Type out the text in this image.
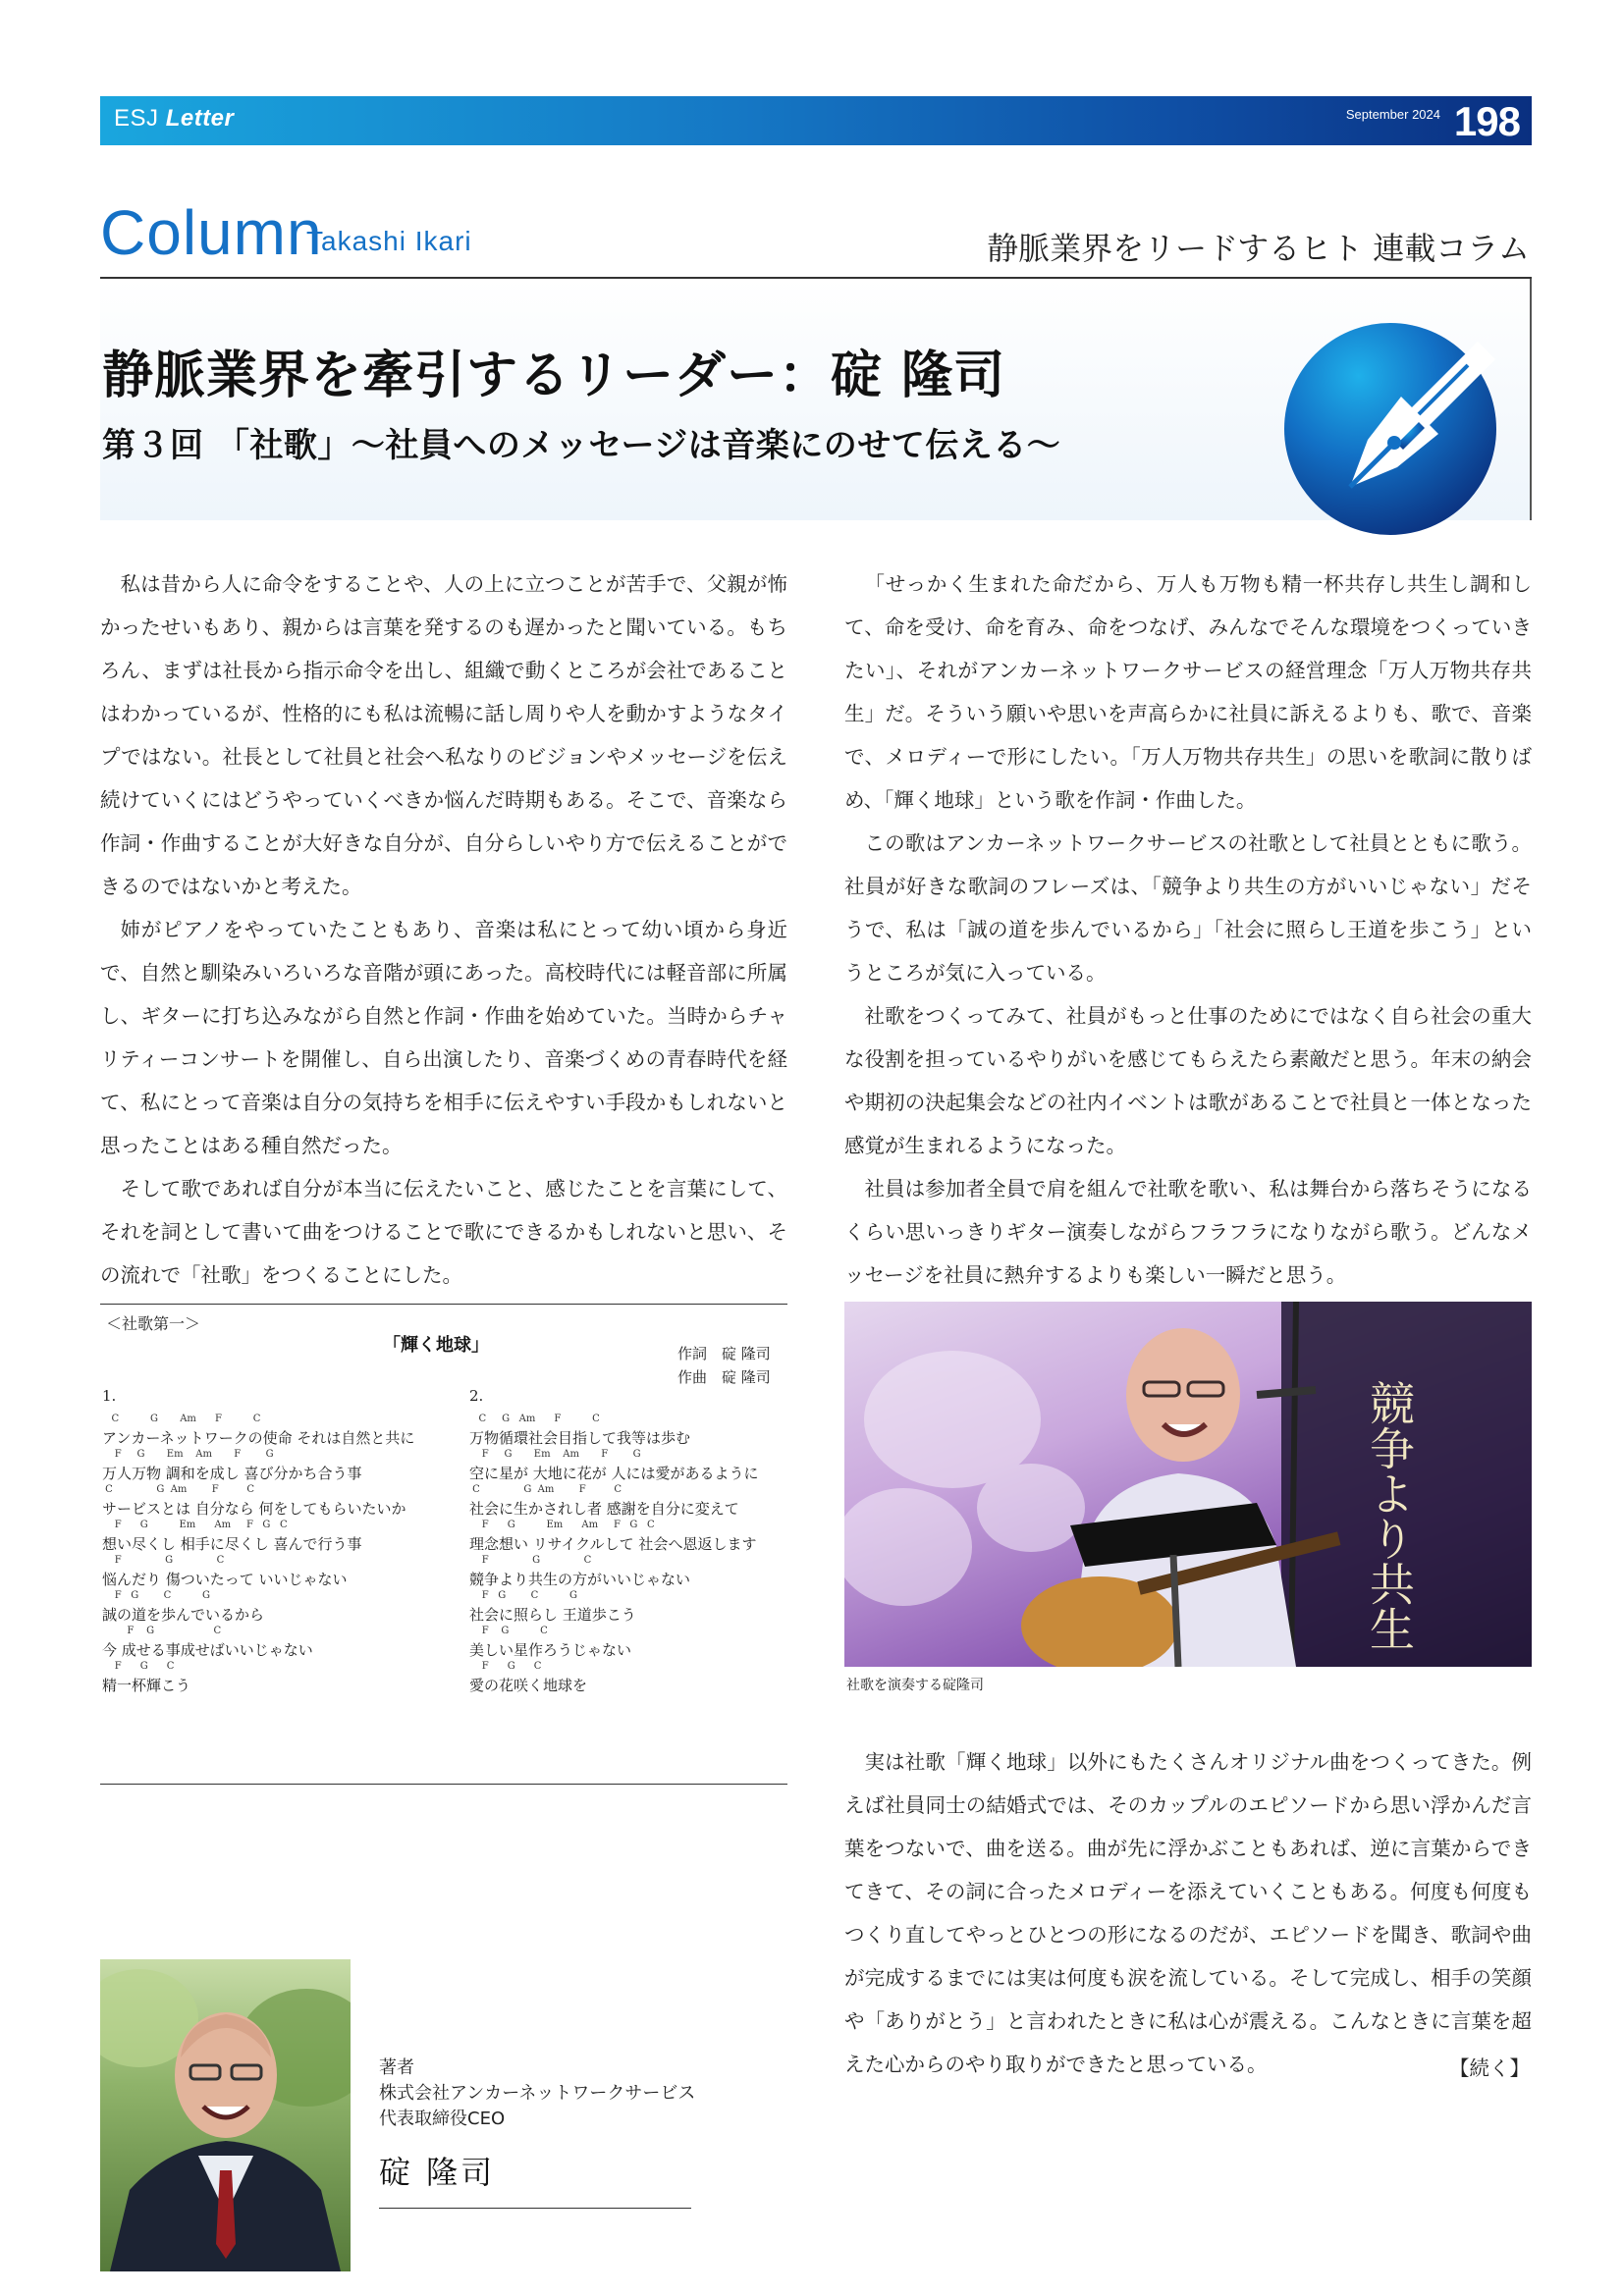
ESJ Letter	September 2024 198
Column
Takashi Ikari	静脈業界をリードするヒト 連載コラム
静脈業界を牽引するリーダー：碇 隆司
第３回 「社歌」〜社員へのメッセージは音楽にのせて伝える〜

私は昔から人に命令をすることや、人の上に立つことが苦手で、父親が怖かったせいもあり、親からは言葉を発するのも遅かったと聞いている。もちろん、まずは社長から指示命令を出し、組織で動くところが会社であることはわかっているが、性格的にも私は流暢に話し周りや人を動かすようなタイプではない。社長として社員と社会へ私なりのビジョンやメッセージを伝え続けていくにはどうやっていくべきか悩んだ時期もある。そこで、音楽なら作詞・作曲することが大好きな自分が、自分らしいやり方で伝えることができるのではないかと考えた。

姉がピアノをやっていたこともあり、音楽は私にとって幼い頃から身近で、自然と馴染みいろいろな音階が頭にあった。高校時代には軽音部に所属し、ギターに打ち込みながら自然と作詞・作曲を始めていた。当時からチャリティーコンサートを開催し、自ら出演したり、音楽づくめの青春時代を経て、私にとって音楽は自分の気持ちを相手に伝えやすい手段かもしれないと思ったことはある種自然だった。

そして歌であれば自分が本当に伝えたいこと、感じたことを言葉にして、それを詞として書いて曲をつけることで歌にできるかもしれないと思い、その流れで「社歌」をつくることにした。

「せっかく生まれた命だから、万人も万物も精一杯共存し共生し調和して、命を受け、命を育み、命をつなげ、みんなでそんな環境をつくっていきたい」、それがアンカーネットワークサービスの経営理念「万人万物共存共生」だ。そういう願いや思いを声高らかに社員に訴えるよりも、歌で、音楽で、メロディーで形にしたい。「万人万物共存共生」の思いを歌詞に散りばめ、「輝く地球」という歌を作詞・作曲した。

この歌はアンカーネットワークサービスの社歌として社員とともに歌う。社員が好きな歌詞のフレーズは、「競争より共生の方がいいじゃない」だそうで、私は「誠の道を歩んでいるから」「社会に照らし王道を歩こう」というところが気に入っている。

社歌をつくってみて、社員がもっと仕事のためにではなく自ら社会の重大な役割を担っているやりがいを感じてもらえたら素敵だと思う。年末の納会や期初の決起集会などの社内イベントは歌があることで社員と一体となった感覚が生まれるようになった。

社員は参加者全員で肩を組んで社歌を歌い、私は舞台から落ちそうになるくらい思いっきりギター演奏しながらフラフラになりながら歌う。どんなメッセージを社員に熱弁するよりも楽しい一瞬だと思う。

＜社歌第一＞
「輝く地球」	作詞　碇 隆司
作曲　碇 隆司
1.
C          G       Am      F          C
アンカーネットワークの使命 それは自然と共に
F     G       Em    Am       F        G
万人万物 調和を成し 喜び分かち合う事
C              G  Am        F         C
サービスとは 自分なら 何をしてもらいたいか
F      G          Em      Am     F   G   C
想い尽くし 相手に尽くし 喜んで行う事
F              G              C
悩んだり 傷ついたって いいじゃない
F   G        C          G
誠の道を歩んでいるから
F    G                   C
今 成せる事成せばいいじゃない
F      G      C
精一杯輝こう
2.
C     G   Am      F          C
万物循環社会目指して我等は歩む
F     G       Em    Am       F        G
空に星が 大地に花が 人には愛があるように
C              G  Am        F         C
社会に生かされし者 感謝を自分に変えて
F      G          Em      Am     F   G   C
理念想い リサイクルして 社会へ恩返します
F              G              C
競争より共生の方がいいじゃない
F   G        C          G
社会に照らし 王道歩こう
F    G          C
美しい星作ろうじゃない
F      G      C
愛の花咲く地球を
競争より共生
社歌を演奏する碇隆司

実は社歌「輝く地球」以外にもたくさんオリジナル曲をつくってきた。例えば社員同士の結婚式では、そのカップルのエピソードから思い浮かんだ言葉をつないで、曲を送る。曲が先に浮かぶこともあれば、逆に言葉からできてきて、その詞に合ったメロディーを添えていくこともある。何度も何度もつくり直してやっとひとつの形になるのだが、エピソードを聞き、歌詞や曲が完成するまでには実は何度も涙を流している。そして完成し、相手の笑顔や「ありがとう」と言われたときに私は心が震える。こんなときに言葉を超えた心からのやり取りができたと思っている。	【続く】
著者
株式会社アンカーネットワークサービス
代表取締役CEO
碇 隆司
